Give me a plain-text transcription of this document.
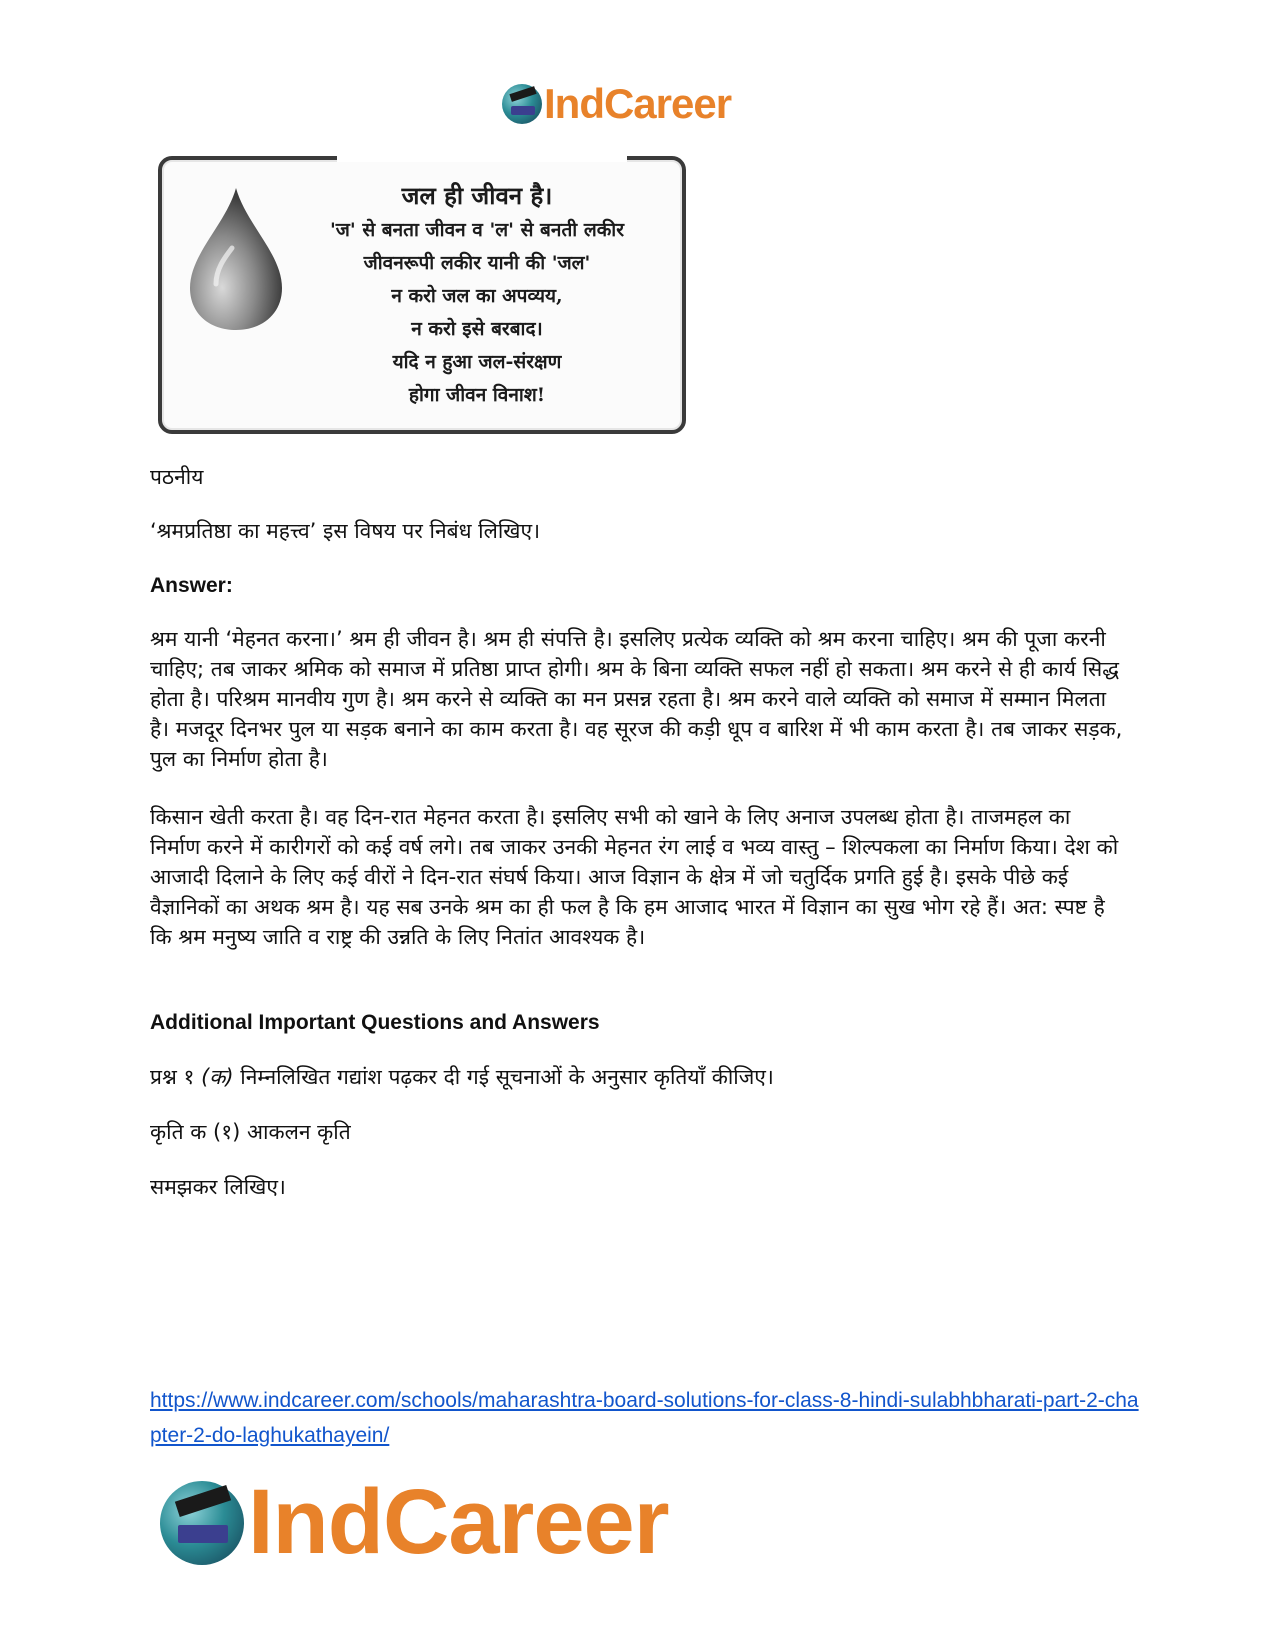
IndCareer
जल ही जीवन है।
'ज' से बनता जीवन व 'ल' से बनती लकीर
जीवनरूपी लकीर यानी की 'जल'
न करो जल का अपव्यय,
न करो इसे बरबाद।
यदि न हुआ जल-संरक्षण
होगा जीवन विनाश!
पठनीय
‘श्रमप्रतिष्ठा का महत्त्व’ इस विषय पर निबंध लिखिए।
Answer:
श्रम यानी ‘मेहनत करना।’ श्रम ही जीवन है। श्रम ही संपत्ति है। इसलिए प्रत्येक व्यक्ति को श्रम करना चाहिए। श्रम की पूजा करनी चाहिए; तब जाकर श्रमिक को समाज में प्रतिष्ठा प्राप्त होगी। श्रम के बिना व्यक्ति सफल नहीं हो सकता। श्रम करने से ही कार्य सिद्ध होता है। परिश्रम मानवीय गुण है। श्रम करने से व्यक्ति का मन प्रसन्न रहता है। श्रम करने वाले व्यक्ति को समाज में सम्मान मिलता है। मजदूर दिनभर पुल या सड़क बनाने का काम करता है। वह सूरज की कड़ी धूप व बारिश में भी काम करता है। तब जाकर सड़क, पुल का निर्माण होता है।
किसान खेती करता है। वह दिन-रात मेहनत करता है। इसलिए सभी को खाने के लिए अनाज उपलब्ध होता है। ताजमहल का निर्माण करने में कारीगरों को कई वर्ष लगे। तब जाकर उनकी मेहनत रंग लाई व भव्य वास्तु – शिल्पकला का निर्माण किया। देश को आजादी दिलाने के लिए कई वीरों ने दिन-रात संघर्ष किया। आज विज्ञान के क्षेत्र में जो चतुर्दिक प्रगति हुई है। इसके पीछे कई वैज्ञानिकों का अथक श्रम है। यह सब उनके श्रम का ही फल है कि हम आजाद भारत में विज्ञान का सुख भोग रहे हैं। अत: स्पष्ट है कि श्रम मनुष्य जाति व राष्ट्र की उन्नति के लिए नितांत आवश्यक है।
Additional Important Questions and Answers
प्रश्न १ (क) निम्नलिखित गद्यांश पढ़कर दी गई सूचनाओं के अनुसार कृतियाँ कीजिए।
कृति क (१) आकलन कृति
समझकर लिखिए।
https://www.indcareer.com/schools/maharashtra-board-solutions-for-class-8-hindi-sulabhbharati-part-2-chapter-2-do-laghukathayein/
IndCareer
